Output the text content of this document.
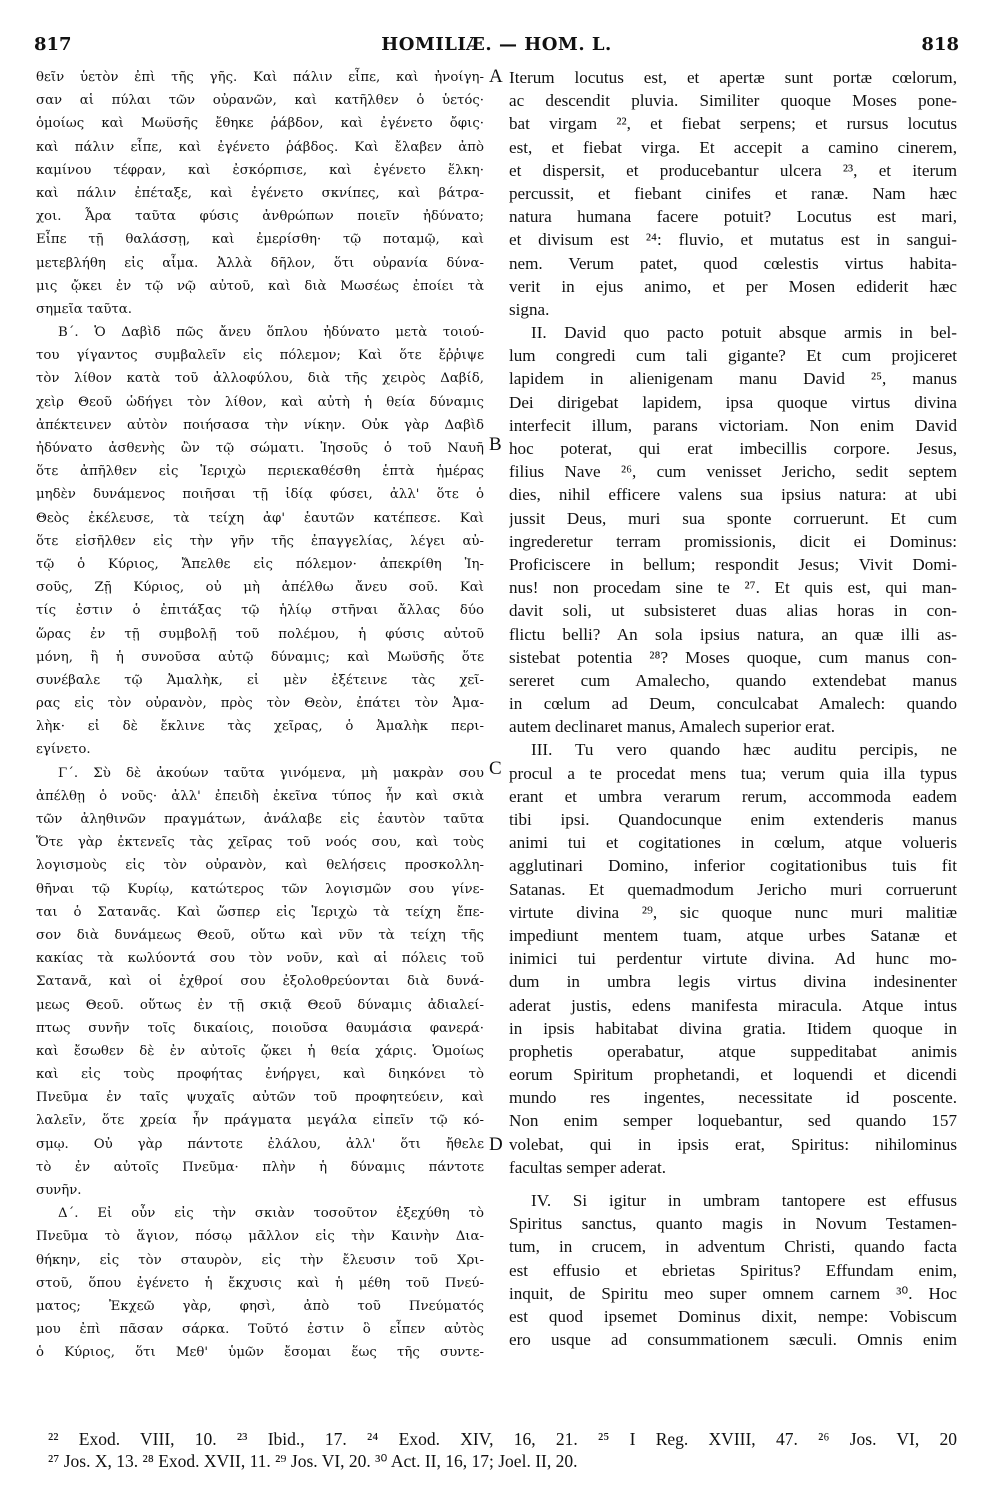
817	HOMILIÆ. — HOM. L.	818
θεῖν ὑετὸν ἐπὶ τῆς γῆς. Καὶ πάλιν εἶπε, καὶ ἠνοίγη-
σαν αἱ πύλαι τῶν οὐρανῶν, καὶ κατῆλθεν ὁ ὑετός·
ὁμοίως καὶ Μωϋσῆς ἔθηκε ῥάβδον, καὶ ἐγένετο ὄφις·
καὶ πάλιν εἶπε, καὶ ἐγένετο ῥάβδος. Καὶ ἔλαβεν ἀπὸ
καμίνου τέφραν, καὶ ἐσκόρπισε, καὶ ἐγένετο ἕλκη·
καὶ πάλιν ἐπέταξε, καὶ ἐγένετο σκνίπες, καὶ βάτρα-
χοι. Ἆρα ταῦτα φύσις ἀνθρώπων ποιεῖν ἠδύνατο;
Εἶπε τῇ θαλάσσῃ, καὶ ἐμερίσθη· τῷ ποταμῷ, καὶ
μετεβλήθη εἰς αἷμα. Ἀλλὰ δῆλον, ὅτι οὐρανία δύνα-
μις ᾤκει ἐν τῷ νῷ αὐτοῦ, καὶ διὰ Μωσέως ἐποίει τὰ
σημεῖα ταῦτα.
Β΄. Ὁ Δαβὶδ πῶς ἄνευ ὅπλου ἠδύνατο μετὰ τοιού-
του γίγαντος συμβαλεῖν εἰς πόλεμον; Καὶ ὅτε ἔῤῥιψε
τὸν λίθον κατὰ τοῦ ἀλλοφύλου, διὰ τῆς χειρὸς Δαβίδ,
χεὶρ Θεοῦ ὡδήγει τὸν λίθον, καὶ αὐτὴ ἡ θεία δύναμις
ἀπέκτεινεν αὐτὸν ποιήσασα τὴν νίκην. Οὐκ γὰρ Δαβὶδ
ἠδύνατο ἀσθενὴς ὢν τῷ σώματι. Ἰησοῦς ὁ τοῦ Ναυῆ
ὅτε ἀπῆλθεν εἰς Ἱεριχὼ περιεκαθέσθη ἑπτὰ ἡμέρας
μηδὲν δυνάμενος ποιῆσαι τῇ ἰδίᾳ φύσει, ἀλλ' ὅτε ὁ
Θεὸς ἐκέλευσε, τὰ τείχη ἀφ' ἑαυτῶν κατέπεσε. Καὶ
ὅτε εἰσῆλθεν εἰς τὴν γῆν τῆς ἐπαγγελίας, λέγει αὐ-
τῷ ὁ Κύριος, Ἄπελθε εἰς πόλεμον· ἀπεκρίθη Ἰη-
σοῦς, Ζῇ Κύριος, οὐ μὴ ἀπέλθω ἄνευ σοῦ. Καὶ
τίς ἐστιν ὁ ἐπιτάξας τῷ ἡλίῳ στῆναι ἄλλας δύο
ὥρας ἐν τῇ συμβολῇ τοῦ πολέμου, ἡ φύσις αὐτοῦ
μόνη, ἢ ἡ συνοῦσα αὐτῷ δύναμις; καὶ Μωϋσῆς ὅτε
συνέβαλε τῷ Ἀμαλὴκ, εἰ μὲν ἐξέτεινε τὰς χεῖ-
ρας εἰς τὸν οὐρανὸν, πρὸς τὸν Θεὸν, ἐπάτει τὸν Ἀμα-
λὴκ· εἰ δὲ ἔκλινε τὰς χεῖρας, ὁ Ἀμαλὴκ περι-
εγίνετο.
Γ΄. Σὺ δὲ ἀκούων ταῦτα γινόμενα, μὴ μακρὰν σου
ἀπέλθῃ ὁ νοῦς· ἀλλ' ἐπειδὴ ἐκεῖνα τύπος ἦν καὶ σκιὰ
τῶν ἀληθινῶν πραγμάτων, ἀνάλαβε εἰς ἑαυτὸν ταῦτα
Ὅτε γὰρ ἐκτενεῖς τὰς χεῖρας τοῦ νοός σου, καὶ τοὺς
λογισμοὺς εἰς τὸν οὐρανὸν, καὶ θελήσεις προσκολλη-
θῆναι τῷ Κυρίῳ, κατώτερος τῶν λογισμῶν σου γίνε-
ται ὁ Σατανᾶς. Καὶ ὥσπερ εἰς Ἱεριχὼ τὰ τείχη ἔπε-
σον διὰ δυνάμεως Θεοῦ, οὕτω καὶ νῦν τὰ τείχη τῆς
κακίας τὰ κωλύοντά σου τὸν νοῦν, καὶ αἱ πόλεις τοῦ
Σατανᾶ, καὶ οἱ ἐχθροί σου ἐξολοθρεύονται διὰ δυνά-
μεως Θεοῦ. οὕτως ἐν τῇ σκιᾷ Θεοῦ δύναμις ἀδιαλεί-
πτως συνῆν τοῖς δικαίοις, ποιοῦσα θαυμάσια φανερά·
καὶ ἔσωθεν δὲ ἐν αὐτοῖς ᾤκει ἡ θεία χάρις. Ὁμοίως
καὶ εἰς τοὺς προφήτας ἐνήργει, καὶ διηκόνει τὸ
Πνεῦμα ἐν ταῖς ψυχαῖς αὐτῶν τοῦ προφητεύειν, καὶ
λαλεῖν, ὅτε χρεία ἦν πράγματα μεγάλα εἰπεῖν τῷ κό-
σμῳ. Οὐ γὰρ πάντοτε ἐλάλου, ἀλλ' ὅτι ἤθελε
τὸ ἐν αὐτοῖς Πνεῦμα· πλὴν ἡ δύναμις πάντοτε
συνῆν.
Δ΄. Εἰ οὖν εἰς τὴν σκιὰν τοσοῦτον ἐξεχύθη τὸ
Πνεῦμα τὸ ἅγιον, πόσῳ μᾶλλον εἰς τὴν Καινὴν Δια-
θήκην, εἰς τὸν σταυρὸν, εἰς τὴν ἔλευσιν τοῦ Χρι-
στοῦ, ὅπου ἐγένετο ἡ ἔκχυσις καὶ ἡ μέθη τοῦ Πνεύ-
ματος; Ἐκχεῶ γὰρ, φησὶ, ἀπὸ τοῦ Πνεύματός
μου ἐπὶ πᾶσαν σάρκα. Τοῦτό ἐστιν ὃ εἶπεν αὐτὸς
ὁ Κύριος, ὅτι Μεθ' ὑμῶν ἔσομαι ἕως τῆς συντε-
Iterum locutus est, et apertæ sunt portæ cœlorum,
ac descendit pluvia. Similiter quoque Moses pone-
bat virgam ²², et fiebat serpens; et rursus locutus
est, et fiebat virga. Et accepit a camino cinerem,
et dispersit, et producebantur ulcera ²³, et iterum
percussit, et fiebant cinifes et ranæ. Nam hæc
natura humana facere potuit? Locutus est mari,
et divisum est ²⁴: fluvio, et mutatus est in sangui-
nem. Verum patet, quod cœlestis virtus habita-
verit in ejus animo, et per Mosen ediderit hæc
signa.
II. David quo pacto potuit absque armis in bel-
lum congredi cum tali gigante? Et cum projiceret
lapidem in alienigenam manu David ²⁵, manus
Dei dirigebat lapidem, ipsa quoque virtus divina
interfecit illum, parans victoriam. Non enim David
hoc poterat, qui erat imbecillis corpore. Jesus,
filius Nave ²⁶, cum venisset Jericho, sedit septem
dies, nihil efficere valens sua ipsius natura: at ubi
jussit Deus, muri sua sponte corruerunt. Et cum
ingrederetur terram promissionis, dicit ei Dominus:
Proficiscere in bellum; respondit Jesus; Vivit Domi-
nus! non procedam sine te ²⁷. Et quis est, qui man-
davit soli, ut subsisteret duas alias horas in con-
flictu belli? An sola ipsius natura, an quæ illi as-
sistebat potentia ²⁸? Moses quoque, cum manus con-
sereret cum Amalecho, quando extendebat manus
in cœlum ad Deum, conculcabat Amalech: quando
autem declinaret manus, Amalech superior erat.
III. Tu vero quando hæc auditu percipis, ne
procul a te procedat mens tua; verum quia illa typus
erant et umbra verarum rerum, accommoda eadem
tibi ipsi. Quandocunque enim extenderis manus
animi tui et cogitationes in cœlum, atque volueris
agglutinari Domino, inferior cogitationibus tuis fit
Satanas. Et quemadmodum Jericho muri corruerunt
virtute divina ²⁹, sic quoque nunc muri malitiæ
impediunt mentem tuam, atque urbes Satanæ et
inimici tui perdentur virtute divina. Ad hunc mo-
dum in umbra legis virtus divina indesinenter
aderat justis, edens manifesta miracula. Atque intus
in ipsis habitabat divina gratia. Itidem quoque in
prophetis operabatur, atque suppeditabat animis
eorum Spiritum prophetandi, et loquendi et dicendi
mundo res ingentes, necessitate id poscente.
Non enim semper loquebantur, sed quando 157
volebat, qui in ipsis erat, Spiritus: nihilominus
facultas semper aderat.
IV. Si igitur in umbram tantopere est effusus
Spiritus sanctus, quanto magis in Novum Testamen-
tum, in crucem, in adventum Christi, quando facta
est effusio et ebrietas Spiritus? Effundam enim,
inquit, de Spiritu meo super omnem carnem ³⁰. Hoc
est quod ipsemet Dominus dixit, nempe: Vobiscum
ero usque ad consummationem sæculi. Omnis enim
A
B
C
D
²² Exod. VIII, 10. ²³ Ibid., 17. ²⁴ Exod. XIV, 16, 21. ²⁵ I Reg. XVIII, 47. ²⁶ Jos. VI, 20
²⁷ Jos. X, 13. ²⁸ Exod. XVII, 11. ²⁹ Jos. VI, 20. ³⁰ Act. II, 16, 17; Joel. II, 20.
